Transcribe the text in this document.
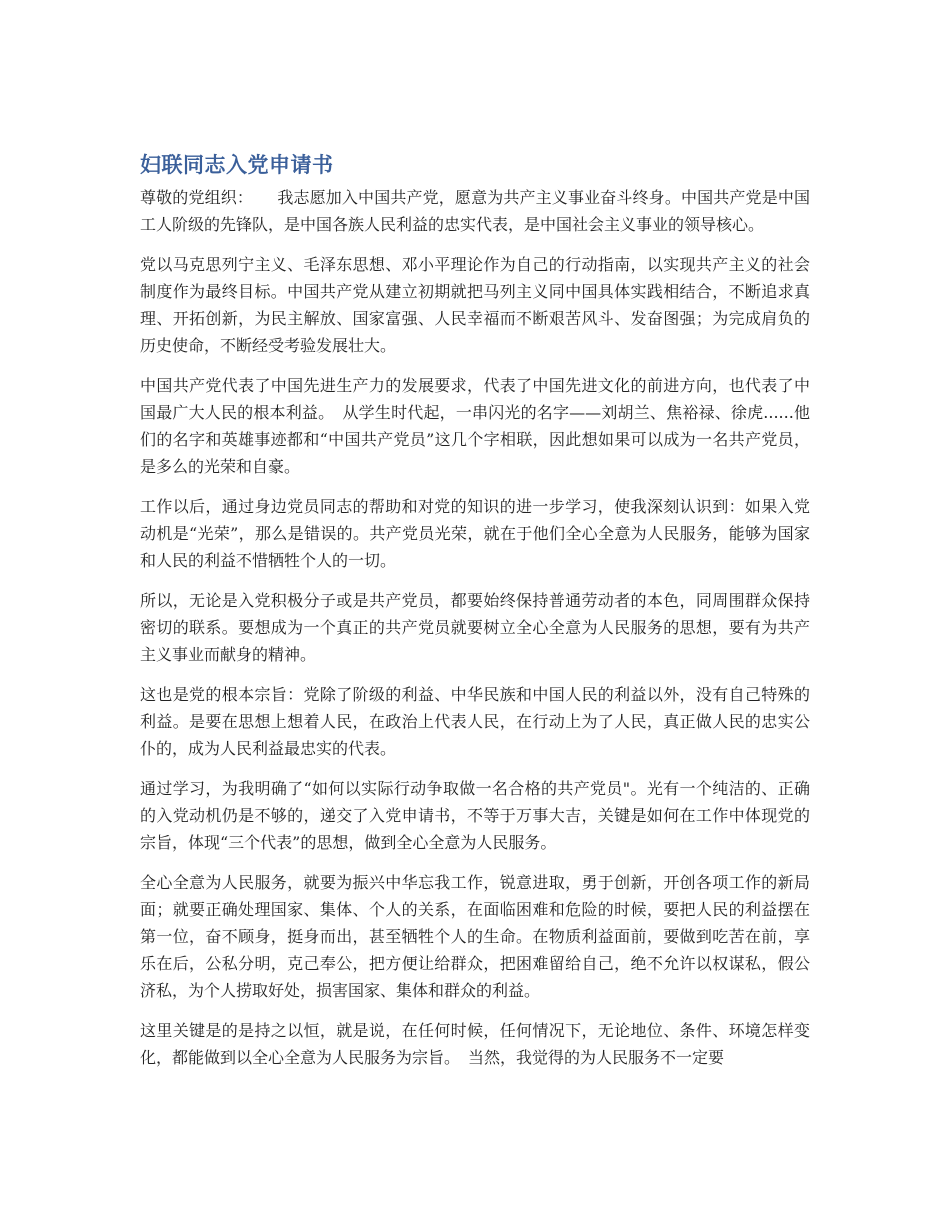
妇联同志入党申请书

尊敬的党组织：　　我志愿加入中国共产党，愿意为共产主义事业奋斗终身。中国共产党是中国工人阶级的先锋队，是中国各族人民利益的忠实代表，是中国社会主义事业的领导核心。

党以马克思列宁主义、毛泽东思想、邓小平理论作为自己的行动指南，以实现共产主义的社会制度作为最终目标。中国共产党从建立初期就把马列主义同中国具体实践相结合，不断追求真理、开拓创新，为民主解放、国家富强、人民幸福而不断艰苦风斗、发奋图强；为完成肩负的历史使命，不断经受考验发展壮大。

中国共产党代表了中国先进生产力的发展要求，代表了中国先进文化的前进方向，也代表了中国最广大人民的根本利益。　从学生时代起，一串闪光的名字——刘胡兰、焦裕禄、徐虎......他们的名字和英雄事迹都和“中国共产党员”这几个字相联，因此想如果可以成为一名共产党员，是多么的光荣和自豪。

工作以后，通过身边党员同志的帮助和对党的知识的进一步学习，使我深刻认识到：如果入党动机是“光荣”，那么是错误的。共产党员光荣，就在于他们全心全意为人民服务，能够为国家和人民的利益不惜牺牲个人的一切。

所以，无论是入党积极分子或是共产党员，都要始终保持普通劳动者的本色，同周围群众保持密切的联系。要想成为一个真正的共产党员就要树立全心全意为人民服务的思想，要有为共产主义事业而献身的精神。

这也是党的根本宗旨：党除了阶级的利益、中华民族和中国人民的利益以外，没有自己特殊的利益。是要在思想上想着人民，在政治上代表人民，在行动上为了人民，真正做人民的忠实公仆的，成为人民利益最忠实的代表。

通过学习，为我明确了“如何以实际行动争取做一名合格的共产党员"。光有一个纯洁的、正确的入党动机仍是不够的，递交了入党申请书，不等于万事大吉，关键是如何在工作中体现党的宗旨，体现“三个代表”的思想，做到全心全意为人民服务。

全心全意为人民服务，就要为振兴中华忘我工作，锐意进取，勇于创新，开创各项工作的新局面；就要正确处理国家、集体、个人的关系，在面临困难和危险的时候，要把人民的利益摆在第一位，奋不顾身，挺身而出，甚至牺牲个人的生命。在物质利益面前，要做到吃苦在前，享乐在后，公私分明，克己奉公，把方便让给群众，把困难留给自己，绝不允许以权谋私，假公济私，为个人捞取好处，损害国家、集体和群众的利益。

这里关键是的是持之以恒，就是说，在任何时候，任何情况下，无论地位、条件、环境怎样变化，都能做到以全心全意为人民服务为宗旨。　当然，我觉得的为人民服务不一定要
